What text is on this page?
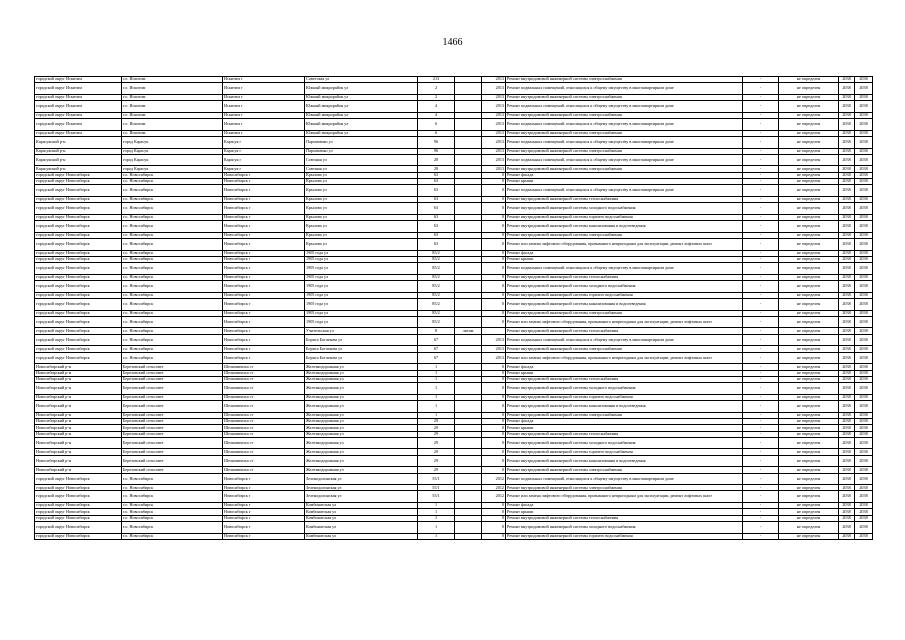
1466
городской округ Искитим	г.о. Искитим	Искитим г	Советская ул	213		2013	Ремонт внутридомовой инженерной системы электроснабжения	-	не определен	2038	2038
городской округ Искитим	г.о. Искитим	Искитим г	Южный микрорайон ул	2		2013	Ремонт подвальных помещений, относящихся к общему имуществу в многоквартирном доме	-	не определен	2038	2038
городской округ Искитим	г.о. Искитим	Искитим г	Южный микрорайон ул	2		2013	Ремонт внутридомовой инженерной системы электроснабжения	-	не определен	2038	2038
городской округ Искитим	г.о. Искитим	Искитим г	Южный микрорайон ул	4		2013	Ремонт подвальных помещений, относящихся к общему имуществу в многоквартирном доме	-	не определен	2038	2038
городской округ Искитим	г.о. Искитим	Искитим г	Южный микрорайон ул	4		2013	Ремонт внутридомовой инженерной системы электроснабжения	-	не определен	2038	2038
городской округ Искитим	г.о. Искитим	Искитим г	Южный микрорайон ул	6		2013	Ремонт подвальных помещений, относящихся к общему имуществу в многоквартирном доме	-	не определен	2038	2038
городской округ Искитим	г.о. Искитим	Искитим г	Южный микрорайон ул	6		2013	Ремонт внутридомовой инженерной системы электроснабжения	-	не определен	2038	2038
Карасукский р-н	город Карасук	Карасук г	Пархоменко ул	96		2013	Ремонт подвальных помещений, относящихся к общему имуществу в многоквартирном доме	-	не определен	2038	2038
Карасукский р-н	город Карасук	Карасук г	Пархоменко ул	96		2013	Ремонт внутридомовой инженерной системы электроснабжения	-	не определен	2038	2038
Карасукский р-н	город Карасук	Карасук г	Союзная ул	28		2013	Ремонт подвальных помещений, относящихся к общему имуществу в многоквартирном доме	-	не определен	2038	2038
Карасукский р-н	город Карасук	Карасук г	Союзная ул	28		2013	Ремонт внутридомовой инженерной системы электроснабжения	-	не определен	2038	2038
городской округ Новосибирск	г.о. Новосибирск	Новосибирск г	Крылова ул	63		0	Ремонт фасада	-	не определен	2038	2038
городской округ Новосибирск	г.о. Новосибирск	Новосибирск г	Крылова ул	63		0	Ремонт крыши	-	не определен	2038	2038
городской округ Новосибирск	г.о. Новосибирск	Новосибирск г	Крылова ул	63		0	Ремонт подвальных помещений, относящихся к общему имуществу в многоквартирном доме	-	не определен	2038	2038
городской округ Новосибирск	г.о. Новосибирск	Новосибирск г	Крылова ул	63		0	Ремонт внутридомовой инженерной системы теплоснабжения	-	не определен	2038	2038
городской округ Новосибирск	г.о. Новосибирск	Новосибирск г	Крылова ул	63		0	Ремонт внутридомовой инженерной системы холодного водоснабжения	-	не определен	2038	2038
городской округ Новосибирск	г.о. Новосибирск	Новосибирск г	Крылова ул	63		0	Ремонт внутридомовой инженерной системы горячего водоснабжения	-	не определен	2038	2038
городской округ Новосибирск	г.о. Новосибирск	Новосибирск г	Крылова ул	63		0	Ремонт внутридомовой инженерной системы канализования и водоотведения	-	не определен	2038	2038
городской округ Новосибирск	г.о. Новосибирск	Новосибирск г	Крылова ул	63		0	Ремонт внутридомовой инженерной системы электроснабжения	-	не определен	2038	2038
городской округ Новосибирск	г.о. Новосибирск	Новосибирск г	Крылова ул	63		0	Ремонт или замена лифтового оборудования, признанного непригодным для эксплуатации, ремонт лифтовых шахт	-	не определен	2038	2038
городской округ Новосибирск	г.о. Новосибирск	Новосибирск г	1905 года ул	85/2		0	Ремонт фасада	-	не определен	2038	2038
городской округ Новосибирск	г.о. Новосибирск	Новосибирск г	1905 года ул	85/2		0	Ремонт крыши	-	не определен	2038	2038
городской округ Новосибирск	г.о. Новосибирск	Новосибирск г	1905 года ул	85/2		0	Ремонт подвальных помещений, относящихся к общему имуществу в многоквартирном доме	-	не определен	2038	2038
городской округ Новосибирск	г.о. Новосибирск	Новосибирск г	1905 года ул	85/2		0	Ремонт внутридомовой инженерной системы теплоснабжения	-	не определен	2038	2038
городской округ Новосибирск	г.о. Новосибирск	Новосибирск г	1905 года ул	85/2		0	Ремонт внутридомовой инженерной системы холодного водоснабжения	-	не определен	2038	2038
городской округ Новосибирск	г.о. Новосибирск	Новосибирск г	1905 года ул	85/2		0	Ремонт внутридомовой инженерной системы горячего водоснабжения	-	не определен	2038	2038
городской округ Новосибирск	г.о. Новосибирск	Новосибирск г	1905 года ул	85/2		0	Ремонт внутридомовой инженерной системы канализования и водоотведения	-	не определен	2038	2038
городской округ Новосибирск	г.о. Новосибирск	Новосибирск г	1905 года ул	85/2		0	Ремонт внутридомовой инженерной системы электроснабжения	-	не определен	2038	2038
городской округ Новосибирск	г.о. Новосибирск	Новосибирск г	1905 года ул	85/2		0	Ремонт или замена лифтового оборудования, признанного непригодным для эксплуатации, ремонт лифтовых шахт	-	не определен	2038	2038
городской округ Новосибирск	г.о. Новосибирск	Новосибирск г	Учительская ул	8	литам		Ремонт внутридомовой инженерной системы теплоснабжения	-	не определен	2038	2038
городской округ Новосибирск	г.о. Новосибирск	Новосибирск г	Бориса Богаткова ул	67		2013	Ремонт подвальных помещений, относящихся к общему имуществу в многоквартирном доме	-	не определен	2038	2038
городской округ Новосибирск	г.о. Новосибирск	Новосибирск г	Бориса Богаткова ул	67		2013	Ремонт внутридомовой инженерной системы электроснабжения	-	не определен	2038	2038
городской округ Новосибирск	г.о. Новосибирск	Новосибирск г	Бориса Богаткова ул	67		2013	Ремонт или замена лифтового оборудования, признанного непригодным для эксплуатации, ремонт лифтовых шахт	-	не определен	2038	2038
Новосибирский р-н	Березовский сельсовет	Шелковичиха ст	Железнодорожная ул	1		0	Ремонт фасада	-	не определен	2038	2038
Новосибирский р-н	Березовский сельсовет	Шелковичиха ст	Железнодорожная ул	1		0	Ремонт крыши	-	не определен	2038	2038
Новосибирский р-н	Березовский сельсовет	Шелковичиха ст	Железнодорожная ул	1		0	Ремонт внутридомовой инженерной системы теплоснабжения	-	не определен	2038	2038
Новосибирский р-н	Березовский сельсовет	Шелковичиха ст	Железнодорожная ул	1		0	Ремонт внутридомовой инженерной системы холодного водоснабжения	-	не определен	2038	2038
Новосибирский р-н	Березовский сельсовет	Шелковичиха ст	Железнодорожная ул	1		0	Ремонт внутридомовой инженерной системы горячего водоснабжения	-	не определен	2038	2038
Новосибирский р-н	Березовский сельсовет	Шелковичиха ст	Железнодорожная ул	1		0	Ремонт внутридомовой инженерной системы канализования и водоотведения	-	не определен	2038	2038
Новосибирский р-н	Березовский сельсовет	Шелковичиха ст	Железнодорожная ул	1		0	Ремонт внутридомовой инженерной системы электроснабжения	-	не определен	2038	2038
Новосибирский р-н	Березовский сельсовет	Шелковичиха ст	Железнодорожная ул	29		0	Ремонт фасада	-	не определен	2038	2038
Новосибирский р-н	Березовский сельсовет	Шелковичиха ст	Железнодорожная ул	29		0	Ремонт крыши	-	не определен	2038	2038
Новосибирский р-н	Березовский сельсовет	Шелковичиха ст	Железнодорожная ул	29		0	Ремонт внутридомовой инженерной системы теплоснабжения	-	не определен	2038	2038
Новосибирский р-н	Березовский сельсовет	Шелковичиха ст	Железнодорожная ул	29		0	Ремонт внутридомовой инженерной системы холодного водоснабжения	-	не определен	2038	2038
Новосибирский р-н	Березовский сельсовет	Шелковичиха ст	Железнодорожная ул	29		0	Ремонт внутридомовой инженерной системы горячего водоснабжения	-	не определен	2038	2038
Новосибирский р-н	Березовский сельсовет	Шелковичиха ст	Железнодорожная ул	29		0	Ремонт внутридомовой инженерной системы канализования и водоотведения	-	не определен	2038	2038
Новосибирский р-н	Березовский сельсовет	Шелковичиха ст	Железнодорожная ул	29		0	Ремонт внутридомовой инженерной системы электроснабжения	-	не определен	2038	2038
городской округ Новосибирск	г.о. Новосибирск	Новосибирск г	Зеленодолинская ул	55/1		2012	Ремонт подвальных помещений, относящихся к общему имуществу в многоквартирном доме	-	не определен	2038	2038
городской округ Новосибирск	г.о. Новосибирск	Новосибирск г	Зеленодолинская ул	55/1		2012	Ремонт внутридомовой инженерной системы электроснабжения	-	не определен	2038	2038
городской округ Новосибирск	г.о. Новосибирск	Новосибирск г	Зеленодолинская ул	55/1		2012	Ремонт или замена лифтового оборудования, признанного непригодным для эксплуатации, ремонт лифтовых шахт	-	не определен	2038	2038
городской округ Новосибирск	г.о. Новосибирск	Новосибирск г	Комбинатская ул	1		0	Ремонт фасада	-	не определен	2038	2038
городской округ Новосибирск	г.о. Новосибирск	Новосибирск г	Комбинатская ул	1		0	Ремонт крыши	-	не определен	2038	2038
городской округ Новосибирск	г.о. Новосибирск	Новосибирск г	Комбинатская ул	1		0	Ремонт внутридомовой инженерной системы теплоснабжения	-	не определен	2038	2038
городской округ Новосибирск	г.о. Новосибирск	Новосибирск г	Комбинатская ул	1		0	Ремонт внутридомовой инженерной системы холодного водоснабжения	-	не определен	2038	2038
городской округ Новосибирск	г.о. Новосибирск	Новосибирск г	Комбинатская ул	1		0	Ремонт внутридомовой инженерной системы горячего водоснабжения	-	не определен	2038	2038
